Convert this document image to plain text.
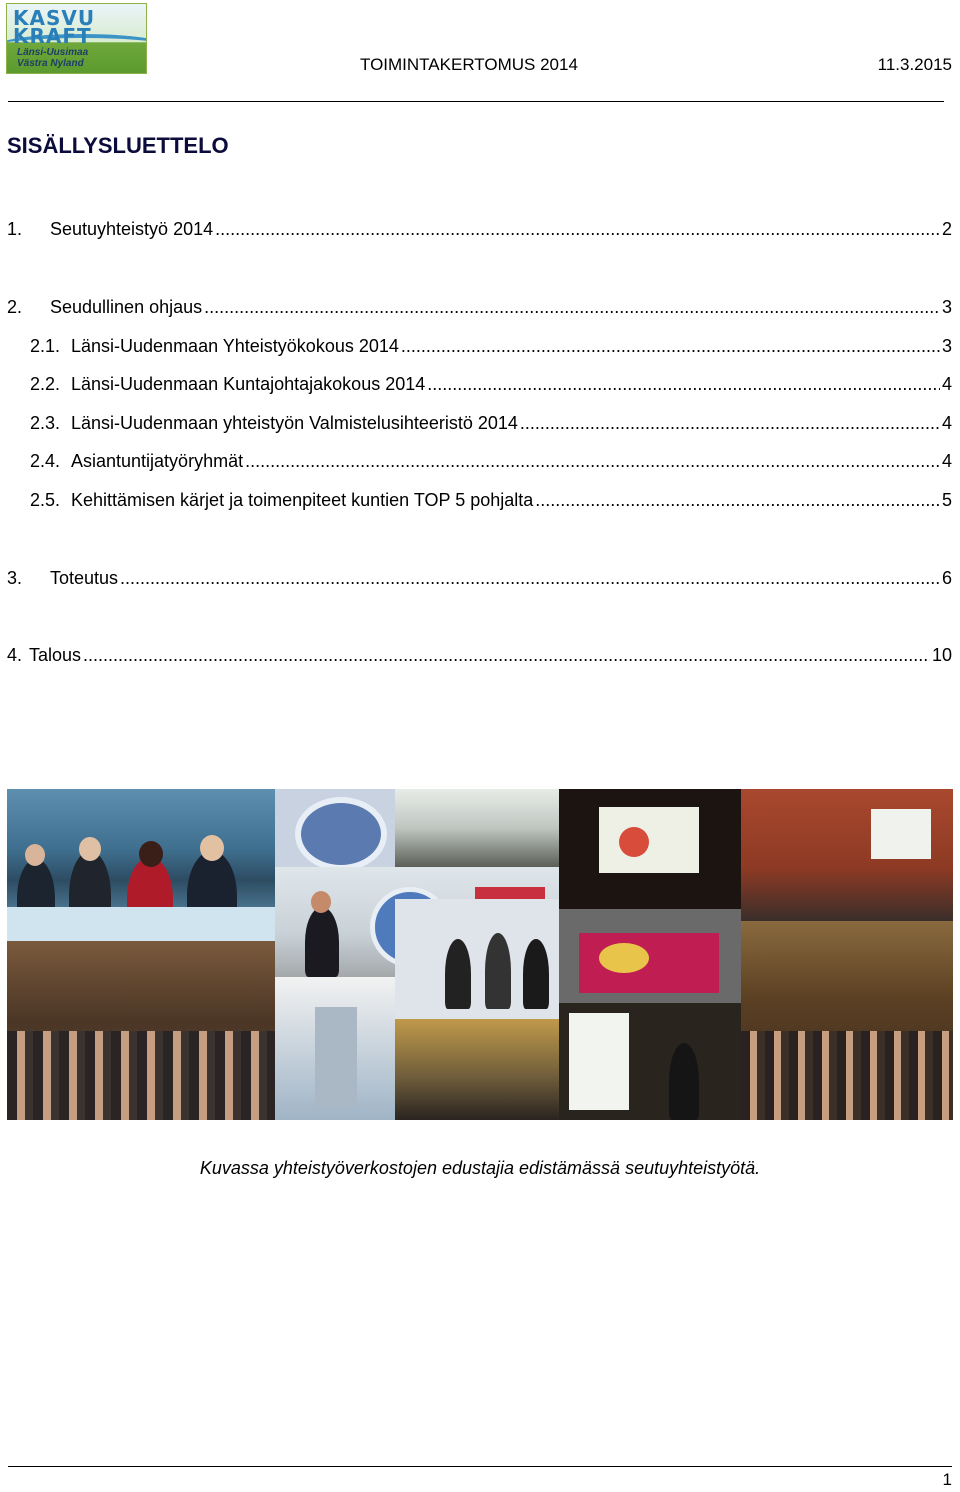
KASVU
KRAFT
Länsi-Uusimaa
Västra Nyland	TOIMINTAKERTOMUS 2014	11.3.2015
SISÄLLYSLUETTELO
1.	Seutuyhteistyö 2014 .....	2
2.	Seudullinen ohjaus .....	3
2.1. Länsi-Uudenmaan Yhteistyökokous 2014 .....	3
2.2. Länsi-Uudenmaan Kuntajohtajakokous 2014 .....	4
2.3. Länsi-Uudenmaan yhteistyön Valmistelusihteeristö 2014 .....	4
2.4. Asiantuntijatyöryhmät .....	4
2.5. Kehittämisen kärjet ja toimenpiteet kuntien TOP 5 pohjalta .....	5
3.	Toteutus .....	6
4. Talous .....	10
Kuvassa yhteistyöverkostojen edustajia edistämässä seutuyhteistyötä.
1
